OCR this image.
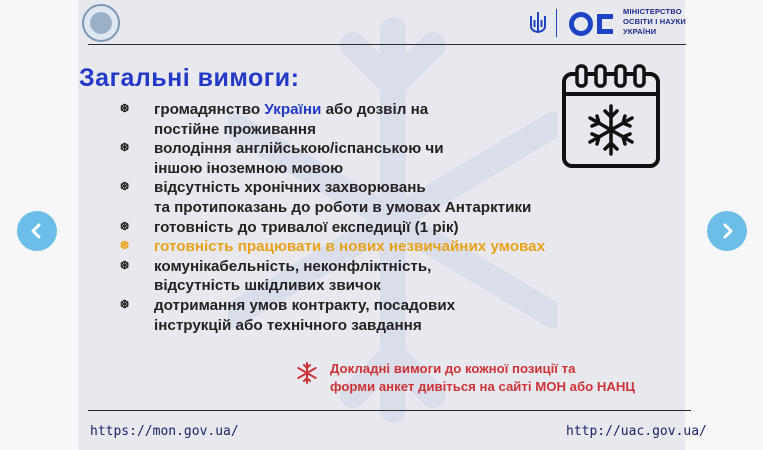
МІНІСТЕРСТВО
ОСВІТИ І НАУКИ
УКРАЇНИ
Загальні вимоги:
❆ громадянство України або дозвіл на
постійне проживання
❆ володіння англійською/іспанською чи
іншою іноземною мовою
❆ відсутність хронічних захворювань
та протипоказань до роботи в умовах Антарктики
❆ готовність до тривалої експедиції (1 рік)
❆ готовність працювати в нових незвичайних умовах
❆ комунікабельність, неконфліктність,
відсутність шкідливих звичок
❆ дотримання умов контракту, посадових
інструкцій або технічного завдання
Докладні вимоги до кожної позиції та
форми анкет дивіться на сайті МОН або НАНЦ
https://mon.gov.ua/	http://uac.gov.ua/
